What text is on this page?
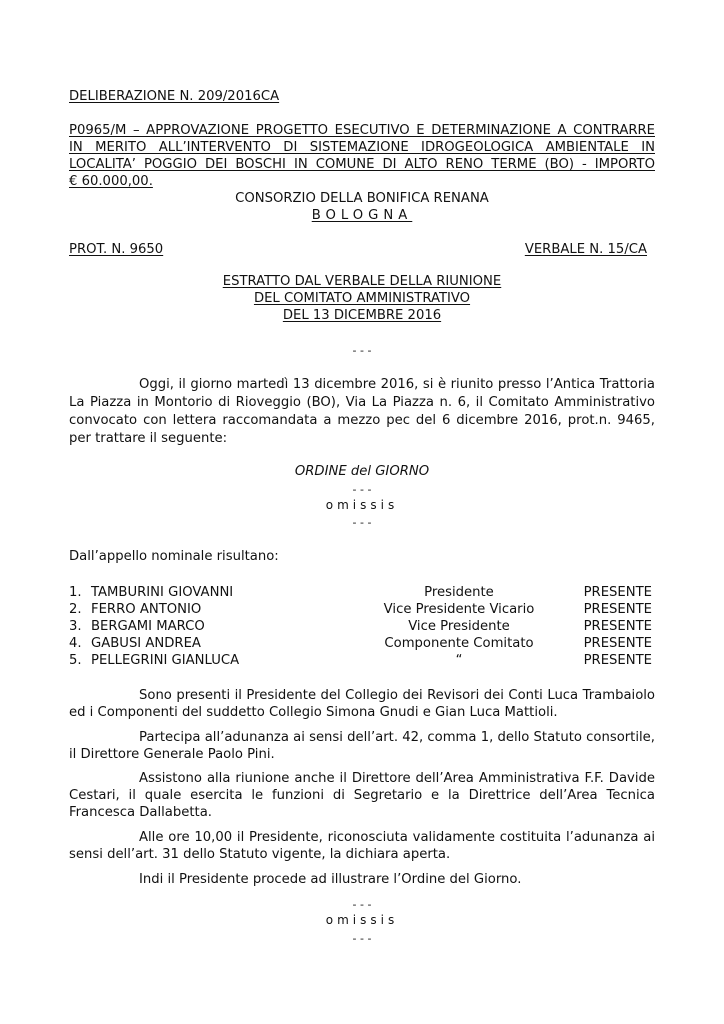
DELIBERAZIONE N. 209/2016CA
P0965/M – APPROVAZIONE PROGETTO ESECUTIVO E DETERMINAZIONE A CONTRARRE
IN MERITO ALL’INTERVENTO DI SISTEMAZIONE IDROGEOLOGICA AMBIENTALE IN
LOCALITA’ POGGIO DEI BOSCHI IN COMUNE DI ALTO RENO TERME (BO) - IMPORTO
€ 60.000,00.
CONSORZIO DELLA BONIFICA RENANA
BOLOGNA
PROT. N. 9650	VERBALE N. 15/CA
ESTRATTO DAL VERBALE DELLA RIUNIONE
DEL COMITATO AMMINISTRATIVO
DEL 13 DICEMBRE 2016
- - -

Oggi, il giorno martedì 13 dicembre 2016, si è riunito presso l’Antica Trattoria La Piazza in Montorio di Rioveggio (BO), Via La Piazza n. 6, il Comitato Amministrativo convocato con lettera raccomandata a mezzo pec del 6 dicembre 2016, prot.n. 9465, per trattare il seguente:

ORDINE del GIORNO
- - -
omissis
- - -
Dall’appello nominale risultano:
1. TAMBURINI GIOVANNI	Presidente	PRESENTE
2. FERRO ANTONIO	Vice Presidente Vicario	PRESENTE
3. BERGAMI MARCO	Vice Presidente	PRESENTE
4. GABUSI ANDREA	Componente Comitato	PRESENTE
5. PELLEGRINI GIANLUCA	“	PRESENTE

Sono presenti il Presidente del Collegio dei Revisori dei Conti Luca Trambaiolo ed i Componenti del suddetto Collegio Simona Gnudi e Gian Luca Mattioli.

Partecipa all’adunanza ai sensi dell’art. 42, comma 1, dello Statuto consortile, il Direttore Generale Paolo Pini.

Assistono alla riunione anche il Direttore dell’Area Amministrativa F.F. Davide Cestari, il quale esercita le funzioni di Segretario e la Direttrice dell’Area Tecnica Francesca Dallabetta.

Alle ore 10,00 il Presidente, riconosciuta validamente costituita l’adunanza ai sensi dell’art. 31 dello Statuto vigente, la dichiara aperta.

Indi il Presidente procede ad illustrare l’Ordine del Giorno.

- - -
omissis
- - -
